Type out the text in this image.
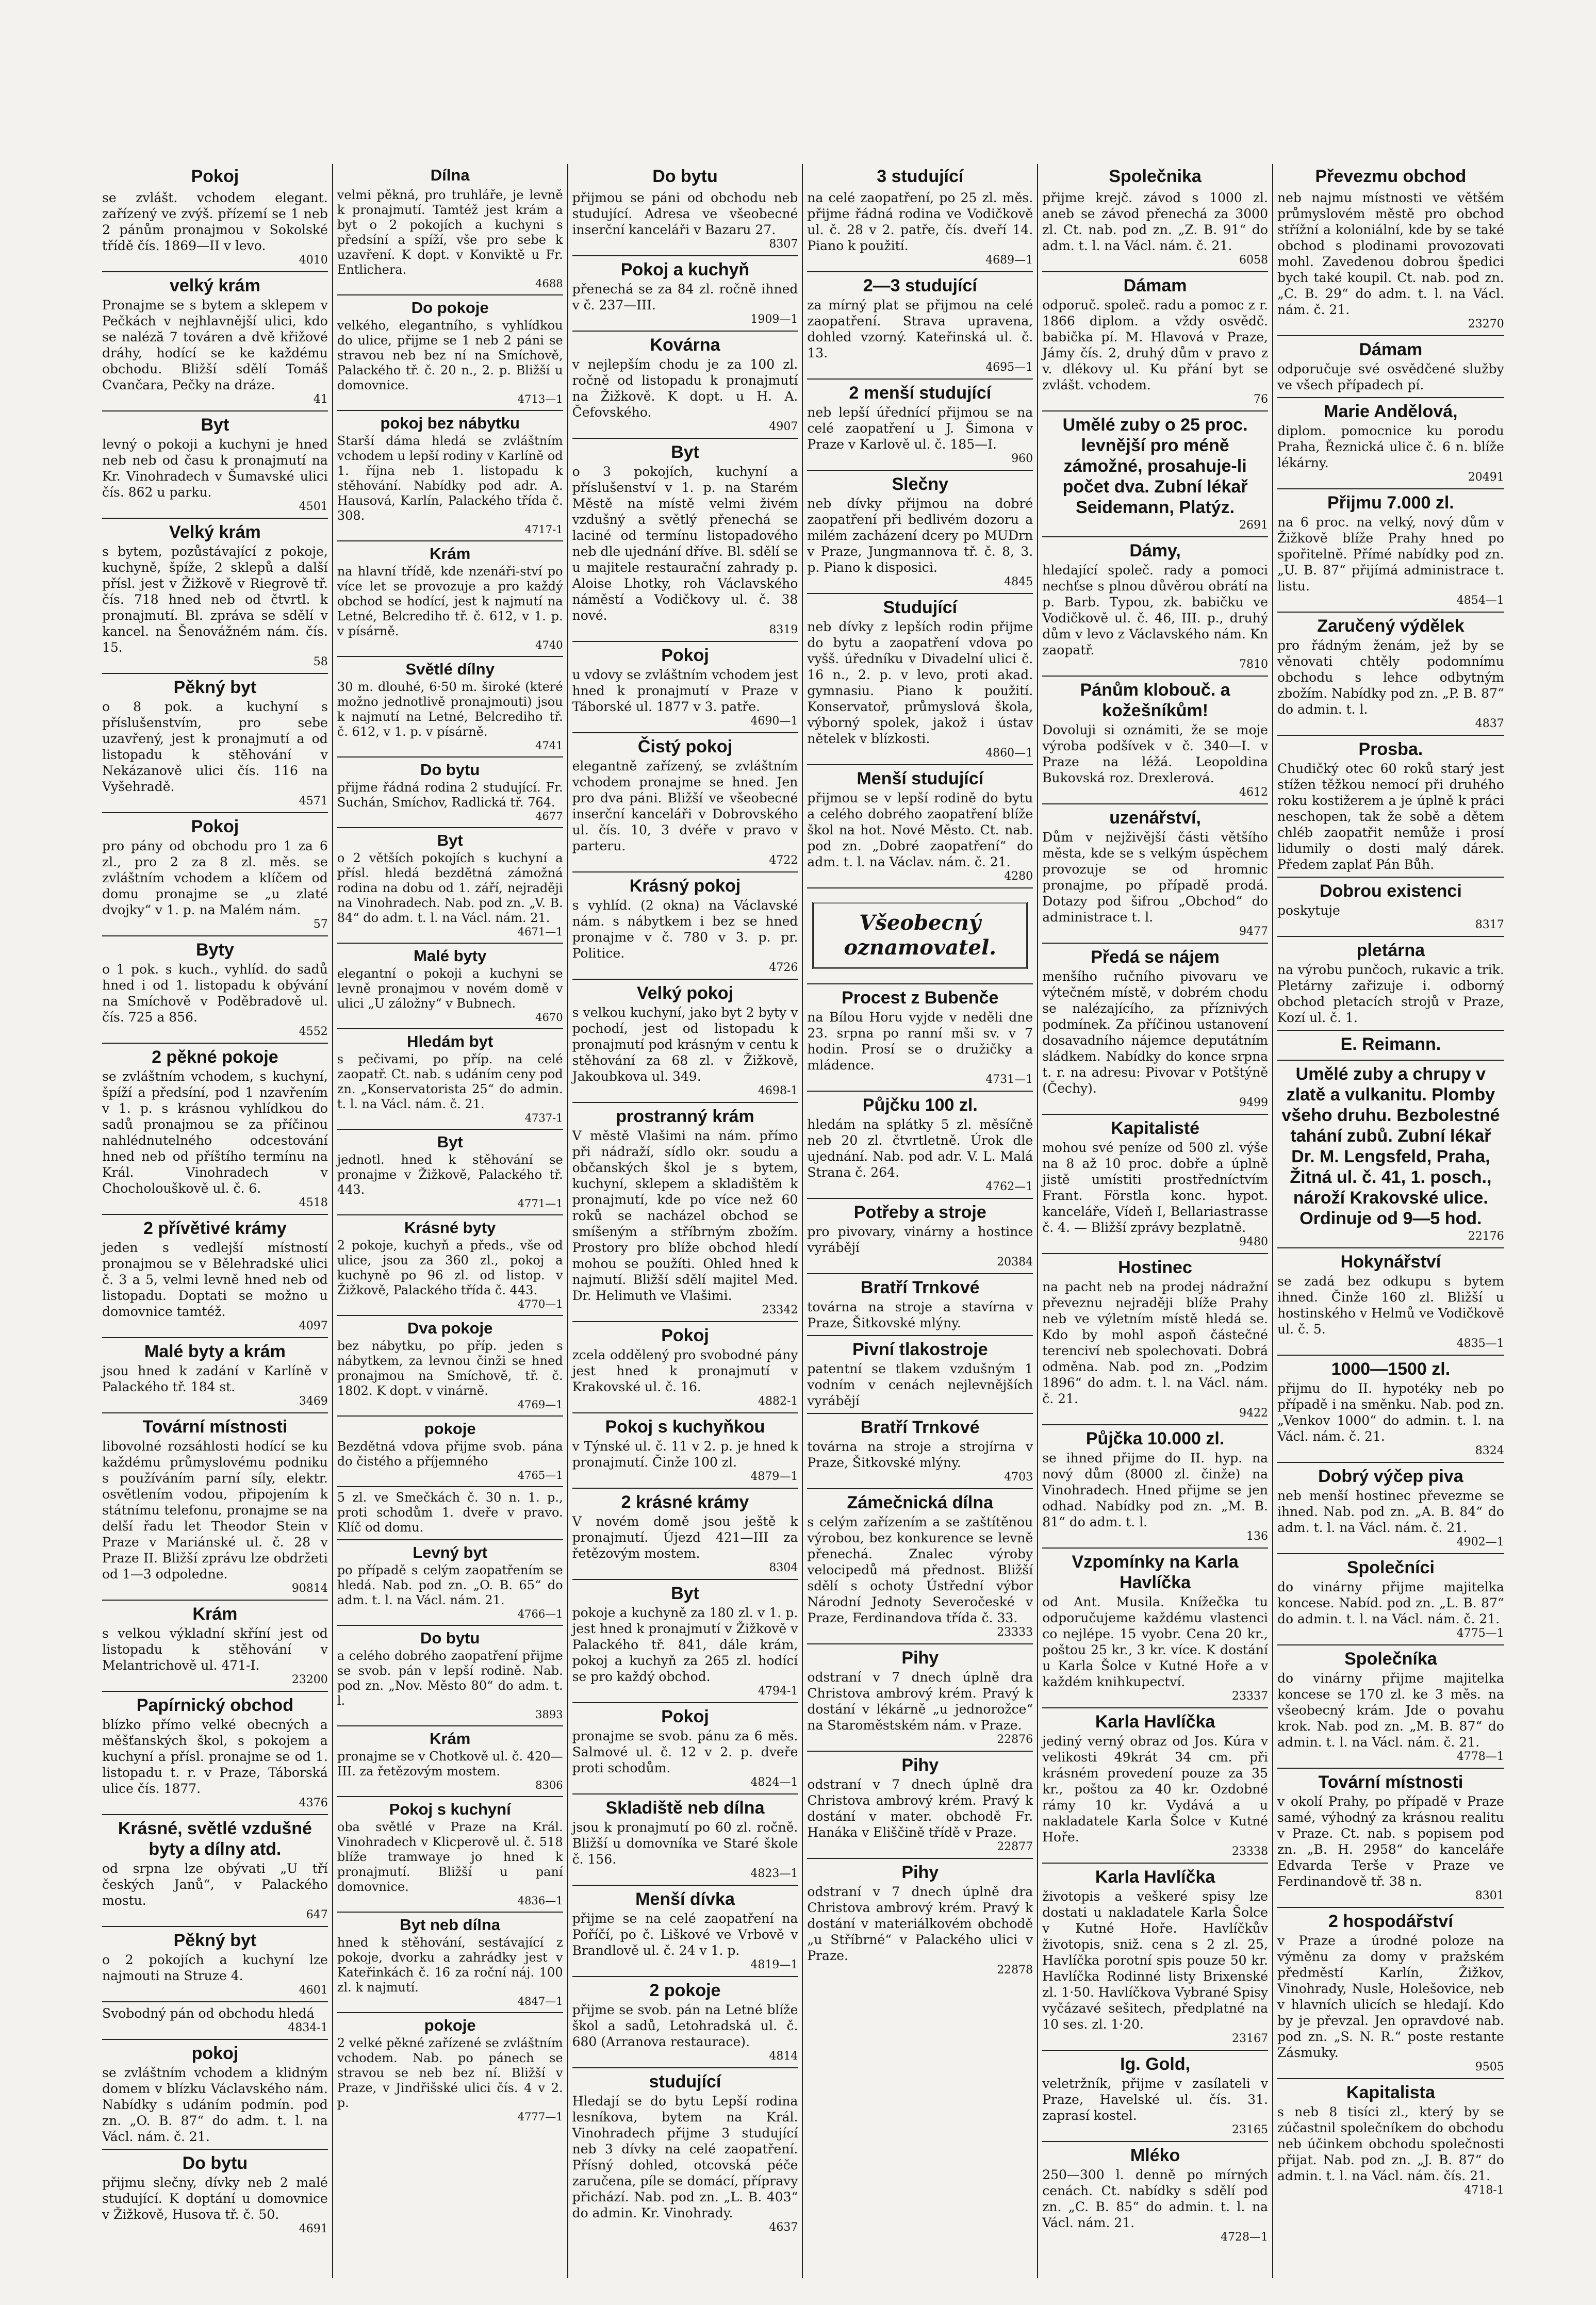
Pokoj
se zvlášt. vchodem elegant. zařízený ve zvýš. přízemí se 1 neb 2 pánům pronajmou v Sokolské třídě čís. 1869—II v levo.
4010
velký krám
Pronajme se s bytem a sklepem v Pečkách v nejhlavnější ulici, kdo se naléză 7 továren a dvě křižové dráhy, hodící se ke každému obchodu. Bližší sdělí Tomáš Cvančara, Pečky na dráze.
41
Byt
levný o pokoji a kuchyni je hned neb neb od času k pronajmutí na Kr. Vinohradech v Šumavské ulici čís. 862 u parku.
4501
Velký krám
s bytem, pozůstávající z pokoje, kuchyně, špíže, 2 sklepů a další přísl. jest v Žižkově v Riegrově tř. čís. 718 hned neb od čtvrtl. k pronajmutí. Bl. zpráva se sdělí v kancel. na Šenovážném nám. čís. 15.
58
Pěkný byt
o 8 pok. a kuchyní s příslušenstvím, pro sebe uzavřený, jest k pronajmutí a od listopadu k stěhování v Nekázanově ulici čís. 116 na Vyšehradě.
4571
Pokoj
pro pány od obchodu pro 1 za 6 zl., pro 2 za 8 zl. měs. se zvláštním vchodem a klíčem od domu pronajme se „u zlaté dvojky“ v 1. p. na Malém nám.
57
Byty
o 1 pok. s kuch., vyhlíd. do sadů hned i od 1. listopadu k obývání na Smíchově v Poděbradově ul. čís. 725 a 856.
4552
2 pěkné pokoje
se zvláštním vchodem, s kuchyní, špíží a předsíní, pod 1 nzavřením v 1. p. s krásnou vyhlídkou do sadů pronajmou se za příčinou nahlédnutelného odcestování hned neb od příštího termínu na Král. Vinohradech v Chocholouškově ul. č. 6.
4518
2 přívětivé krámy
jeden s vedlejší místností pronajmou se v Bělehradské ulici č. 3 a 5, velmi levně hned neb od listopadu. Doptati se možno u domovnice tamtéž.
4097
Malé byty a krám
jsou hned k zadání v Karlíně v Palackého tř. 184 st.
3469
Tovární místnosti
libovolné rozsáhlosti hodící se ku každému průmyslovému podniku s používáním parní síly, elektr. osvětlením vodou, připojením k státnímu telefonu, pronajme se na delší řadu let Theodor Stein v Praze v Mariánské ul. č. 28 v Praze II. Bližší zprávu lze obdržeti od 1—3 odpoledne.
90814
Krám
s velkou výkladní skříní jest od listopadu k stěhování v Melantrichově ul. 471-I.
23200
Papírnický obchod
blízko přímo velké obecných a měšťanských škol, s pokojem a kuchyní a přísl. pronajme se od 1. listopadu t. r. v Praze, Táborská ulice čís. 1877.
4376
Krásné, světlé vzdušné byty a dílny atd.
od srpna lze obývati „U tří českých Janů“, v Palackého mostu.
647
Pěkný byt
o 2 pokojích a kuchyní lze najmouti na Struze 4.
4601
Svobodný pán od obchodu hledá
4834-1
pokoj
se zvláštním vchodem a klidným domem v blízku Václavského nám. Nabídky s udáním podmín. pod zn. „O. B. 87“ do adm. t. l. na Václ. nám. č. 21.
Do bytu
přijmu slečny, dívky neb 2 malé studující. K doptání u domovnice v Žižkově, Husova tř. č. 50.
4691
Dílna
velmi pěkná, pro truhláře, je levně k pronajmutí. Tamtéž jest krám a byt o 2 pokojích a kuchyni s předsíní a spíží, vše pro sebe k uzavření. K dopt. v Konviktě u Fr. Entlichera.
4688
Do pokoje
velkého, elegantního, s vyhlídkou do ulice, přijme se 1 neb 2 páni se stravou neb bez ní na Smíchově, Palackého tř. č. 20 n., 2. p. Bližší u domovnice.
4713—1
pokoj bez nábytku
Starší dáma hledá se zvláštním vchodem u lepší rodiny v Karlíně od 1. října neb 1. listopadu k stěhování. Nabídky pod adr. A. Hausová, Karlín, Palackého třída č. 308.
4717-1
Krám
na hlavní třídě, kde nzenáři-ství po více let se provozuje a pro každý obchod se hodící, jest k najmutí na Letné, Belcrediho tř. č. 612, v 1. p. v písárně.
4740
Světlé dílny
30 m. dlouhé, 6·50 m. široké (které možno jednotlivě pronajmouti) jsou k najmutí na Letné, Belcrediho tř. č. 612, v 1. p. v písárně.
4741
Do bytu
přijme řádná rodina 2 studující. Fr. Suchán, Smíchov, Radlická tř. 764.
4677
Byt
o 2 větších pokojích s kuchyní a přísl. hledá bezdětná zámožná rodina na dobu od 1. září, nejraději na Vinohradech. Nab. pod zn. „V. B. 84“ do adm. t. l. na Václ. nám. 21.
4671—1
Malé byty
elegantní o pokoji a kuchyni se levně pronajmou v novém domě v ulici „U záložny“ v Bubnech.
4670
Hledám byt
s pečivami, po příp. na celé zaopatř. Ct. nab. s udáním ceny pod zn. „Konservatorista 25“ do admin. t. l. na Václ. nám. č. 21.
4737-1
Byt
jednotl. hned k stěhování se pronajme v Žižkově, Palackého tř. 443.
4771—1
Krásné byty
2 pokoje, kuchyň a předs., vše od ulice, jsou za 360 zl., pokoj a kuchyně po 96 zl. od listop. v Žižkově, Palackého třída č. 443.
4770—1
Dva pokoje
bez nábytku, po příp. jeden s nábytkem, za levnou činži se hned pronajmou na Smíchově, tř. č. 1802. K dopt. v vinárně.
4769—1
pokoje
Bezdětná vdova přijme svob. pána do čistého a příjemného
4765—1
5 zl. ve Smečkách č. 30 n. 1. p., proti schodům 1. dveře v pravo. Klíč od domu.
Levný byt
po případě s celým zaopatřením se hledá. Nab. pod zn. „O. B. 65“ do adm. t. l. na Václ. nám. 21.
4766—1
Do bytu
a celého dobrého zaopatření přijme se svob. pán v lepší rodině. Nab. pod zn. „Nov. Město 80“ do adm. t. l.
3893
Krám
pronajme se v Chotkově ul. č. 420—III. za řetězovým mostem.
8306
Pokoj s kuchyní
oba světlé v Praze na Král. Vinohradech v Klicperově ul. č. 518 blíže tramwaye jo hned k pronajmutí. Bližší u paní domovnice.
4836—1
Byt neb dílna
hned k stěhování, sestávající z pokoje, dvorku a zahrádky jest v Kateřinkách č. 16 za roční náj. 100 zl. k najmutí.
4847—1
pokoje
2 velké pěkné zařízené se zvláštním vchodem. Nab. po pánech se stravou se neb bez ní. Bližší v Praze, v Jindřišské ulici čís. 4 v 2. p.
4777—1
Do bytu
přijmou se páni od obchodu neb studující. Adresa ve všeobecné inserční kanceláři v Bazaru 27.
8307
Pokoj a kuchyň
přenechá se za 84 zl. ročně ihned v č. 237—III.
1909—1
Kovárna
v nejlepším chodu je za 100 zl. ročně od listopadu k pronajmutí na Žižkově. K dopt. u H. A. Čefovského.
4907
Byt
o 3 pokojích, kuchyní a příslušenství v 1. p. na Starém Městě na místě velmi živém vzdušný a světlý přenechá se laciné od termínu listopadového neb dle ujednání dříve. Bl. sdělí se u majitele restaurační zahrady p. Aloise Lhotky, roh Václavského náměstí a Vodičkovy ul. č. 38 nové.
8319
Pokoj
u vdovy se zvláštním vchodem jest hned k pronajmutí v Praze v Táborské ul. 1877 v 3. patře.
4690—1
Čistý pokoj
elegantně zařízený, se zvláštním vchodem pronajme se hned. Jen pro dva páni. Bližší ve všeobecné inserční kanceláři v Dobrovského ul. čís. 10, 3 dvéře v pravo v parteru.
4722
Krásný pokoj
s vyhlíd. (2 okna) na Václavské nám. s nábytkem i bez se hned pronajme v č. 780 v 3. p. pr. Politice.
4726
Velký pokoj
s velkou kuchyní, jako byt 2 byty v pochodí, jest od listopadu k pronajmutí pod krásným v centu k stěhování za 68 zl. v Žižkově, Jakoubkova ul. 349.
4698-1
prostranný krám
V městě Vlašimi na nám. přímo při nádraží, sídlo okr. soudu a občanských škol je s bytem, kuchyní, sklepem a skladištěm k pronajmutí, kde po více než 60 roků se nacházel obchod se smíšeným a stříbrným zbožím. Prostory pro blíže obchod hledí mohou se použíti. Ohled hned k najmutí. Bližší sdělí majitel Med. Dr. Helimuth ve Vlašimi.
23342
Pokoj
zcela oddělený pro svobodné pány jest hned k pronajmutí v Krakovské ul. č. 16.
4882-1
Pokoj s kuchyňkou
v Týnské ul. č. 11 v 2. p. je hned k pronajmutí. Činže 100 zl.
4879—1
2 krásné krámy
V novém domě jsou ještě k pronajmutí. Újezd 421—III za řetězovým mostem.
8304
Byt
pokoje a kuchyně za 180 zl. v 1. p. jest hned k pronajmutí v Žižkově v Palackého tř. 841, dále krám, pokoj a kuchyň za 265 zl. hodící se pro každý obchod.
4794-1
Pokoj
pronajme se svob. pánu za 6 měs. Salmové ul. č. 12 v 2. p. dveře proti schodům.
4824—1
Skladiště neb dílna
jsou k pronajmutí po 60 zl. ročně. Bližší u domovníka ve Staré škole č. 156.
4823—1
Menší dívka
přijme se na celé zaopatření na Poříčí, po č. Liškové ve Vrbově v Brandlově ul. č. 24 v 1. p.
4819—1
2 pokoje
přijme se svob. pán na Letné blíže škol a sadů, Letohradská ul. č. 680 (Arranova restaurace).
4814
studující
Hledají se do bytu Lepší rodina lesníkova, bytem na Král. Vinohradech přijme 3 studující neb 3 dívky na celé zaopatření. Přísný dohled, otcovská péče zaručena, píle se domácí, přípravy přichází. Nab. pod zn. „L. B. 403“ do admin. Kr. Vinohrady.
4637
3 studující
na celé zaopatření, po 25 zl. měs. přijme řádná rodina ve Vodičkově ul. č. 28 v 2. patře, čís. dveří 14. Piano k použití.
4689—1
2—3 studující
za mírný plat se přijmou na celé zaopatření. Strava upravena, dohled vzorný. Kateřinská ul. č. 13.
4695—1
2 menší studující
neb lepší úřednící přijmou se na celé zaopatření u J. Šimona v Praze v Karlově ul. č. 185—I.
960
Slečny
neb dívky přijmou na dobré zaopatření při bedlivém dozoru a milém zacházení dcery po MUDrn v Praze, Jungmannova tř. č. 8, 3. p. Piano k disposici.
4845
Studující
neb dívky z lepších rodin přijme do bytu a zaopatření vdova po vyšš. úředníku v Divadelní ulici č. 16 n., 2. p. v levo, proti akad. gymnasiu. Piano k použití. Konservatoř, průmyslová škola, výborný spolek, jakož i ústav nětelek v blízkosti.
4860—1
Menší studující
přijmou se v lepší rodině do bytu a celého dobrého zaopatření blíže škol na hot. Nové Město. Ct. nab. pod zn. „Dobré zaopatření“ do adm. t. l. na Václav. nám. č. 21.
4280
Všeobecný oznamovatel.
Procest z Bubenče
na Bílou Horu vyjde v neděli dne 23. srpna po ranní mši sv. v 7 hodin. Prosí se o družičky a mládence.
4731—1
Půjčku 100 zl.
hledám na splátky 5 zl. měsíčně neb 20 zl. čtvrtletně. Úrok dle ujednání. Nab. pod adr. V. L. Malá Strana č. 264.
4762—1
Potřeby a stroje
pro pivovary, vinárny a hostince vyrábějí
20384
Bratří Trnkové
továrna na stroje a stavírna v Praze, Šitkovské mlýny.
Pivní tlakostroje
patentní se tlakem vzdušným 1 vodním v cenách nejlevnějších vyrábějí
Bratří Trnkové
továrna na stroje a strojírna v Praze, Šitkovské mlýny.
4703
Zámečnická dílna
s celým zařízením a se zaštítěnou výrobou, bez konkurence se levně přenechá. Znalec výroby velocipedů má přednost. Bližší sdělí s ochoty Ústřední výbor Národní Jednoty Severočeské v Praze, Ferdinandova třída č. 33.
23333
Pihy
odstraní v 7 dnech úplně dra Christova ambrový krém. Pravý k dostání v lékárně „u jednorožce“ na Staroměstském nám. v Praze.
22876
Pihy
odstraní v 7 dnech úplně dra Christova ambrový krém. Pravý k dostání v mater. obchodě Fr. Hanáka v Eliščině třídě v Praze.
22877
Pihy
odstraní v 7 dnech úplně dra Christova ambrový krém. Pravý k dostání v materiálkovém obchodě „u Stříbrné“ v Palackého ulici v Praze.
22878
Společnika
přijme krejč. závod s 1000 zl. aneb se závod přenechá za 3000 zl. Ct. nab. pod zn. „Z. B. 91“ do adm. t. l. na Václ. nám. č. 21.
6058
Dámam
odporuč. společ. radu a pomoc z r. 1866 diplom. a vždy osvědč. babička pí. M. Hlavová v Praze, Jámy čís. 2, druhý dům v pravo z v. dlékovy ul. Ku přání byt se zvlášt. vchodem.
76
Umělé zuby o 25 proc. levnější pro méně zámožné, prosahuje-li počet dva. Zubní lékař Seidemann, Platýz.
2691
Dámy,
hledající společ. rady a pomoci nechťse s plnou důvěrou obrátí na p. Barb. Typou, zk. babičku ve Vodičkově ul. č. 46, III. p., druhý dům v levo z Václavského nám. Kn zaopatř.
7810
Pánům klobouč. a kožešníkům!
Dovoluji si oznámiti, že se moje výroba podšívek v č. 340—I. v Praze na léžá. Leopoldina Bukovská roz. Drexlerová.
4612
uzenářství,
Dům v nejživější části většího města, kde se s velkým úspěchem provozuje se od hromnic pronajme, po případě prodá. Dotazy pod šifrou „Obchod“ do administrace t. l.
9477
Předá se nájem
menšího ručního pivovaru ve výtečném místě, v dobrém chodu se nalézajícího, za příznivých podmínek. Za příčinou ustanovení dosavadního nájemce deputátním sládkem. Nabídky do konce srpna t. r. na adresu: Pivovar v Potštýně (Čechy).
9499
Kapitalisté
mohou své peníze od 500 zl. výše na 8 až 10 proc. dobře a úplně jistě umístiti prostředníctvím Frant. Förstla konc. hypot. kanceláře, Vídeň I, Bellariastrasse č. 4. — Bližší zprávy bezplatně.
9480
Hostinec
na pacht neb na prodej nádražní převeznu nejraději blíže Prahy neb ve výletním místě hledá se. Kdo by mohl aspoň částečné terenciví neb spolechovati. Dobrá odměna. Nab. pod zn. „Podzim 1896“ do adm. t. l. na Václ. nám. č. 21.
9422
Půjčka 10.000 zl.
se ihned přijme do II. hyp. na nový dům (8000 zl. činže) na Vinohradech. Hned přijme se jen odhad. Nabídky pod zn. „M. B. 81“ do adm. t. l.
136
Vzpomínky na Karla Havlíčka
od Ant. Musila. Knížečka tu odporučujeme každému vlastenci co nejlépe. 15 vyobr. Cena 20 kr., poštou 25 kr., 3 kr. více. K dostání u Karla Šolce v Kutné Hoře a v každém knihkupectví.
23337
Karla Havlíčka
jediný verný obraz od Jos. Kúra v velikosti 49krát 34 cm. při krásném provedení pouze za 35 kr., poštou za 40 kr. Ozdobné rámy 10 kr. Vydává a u nakladatele Karla Šolce v Kutné Hoře.
23338
Karla Havlíčka
životopis a veškeré spisy lze dostati u nakladatele Karla Šolce v Kutné Hoře. Havlíčkův životopis, sniž. cena s 2 zl. 25, Havlíčka porotní spis pouze 50 kr. Havlíčka Rodinné listy Brixenské zl. 1·50. Havlíčkova Vybrané Spisy vyčázavé sešitech, předplatné na 10 ses. zl. 1·20.
23167
Ig. Gold,
veletržník, přijme v zasílateli v Praze, Havelské ul. čís. 31. zaprasí kostel.
23165
Mléko
250—300 l. denně po mírných cenách. Ct. nabídky s sdělí pod zn. „C. B. 85“ do admin. t. l. na Václ. nám. 21.
4728—1
Převezmu obchod
neb najmu místnosti ve většém průmyslovém městě pro obchod střížní a koloniální, kde by se také obchod s plodinami provozovati mohl. Zavedenou dobrou špedici bych také koupil. Ct. nab. pod zn. „C. B. 29“ do adm. t. l. na Václ. nám. č. 21.
23270
Dámam
odporučuje své osvědčené služby ve všech případech pí.
Marie Andělová,
diplom. pomocnice ku porodu Praha, Řeznická ulice č. 6 n. blíže lékárny.
20491
Přijmu 7.000 zl.
na 6 proc. na velký, nový dům v Žižkově blíže Prahy hned po spořitelně. Přímé nabídky pod zn. „U. B. 87“ přijímá administrace t. listu.
4854—1
Zaručený výdělek
pro řádným ženám, jež by se věnovati chtěly podomnímu obchodu s lehce odbytným zbožím. Nabídky pod zn. „P. B. 87“ do admin. t. l.
4837
Prosba.
Chudičký otec 60 roků starý jest stížen těžkou nemocí při druhého roku kostižerem a je úplně k práci neschopen, tak že sobě a dětem chléb zaopatřit nemůže i prosí lidumily o dosti malý dárek. Předem zaplať Pán Bůh.
Dobrou existenci
poskytuje
8317
pletárna
na výrobu punčoch, rukavic a trik. Pletárny zařizuje i. odborný obchod pletacích strojů v Praze, Kozí ul. č. 1.
E. Reimann.
Umělé zuby a chrupy v zlatě a vulkanitu. Plomby všeho druhu. Bezbolestné tahání zubů. Zubní lékař Dr. M. Lengsfeld, Praha, Žitná ul. č. 41, 1. posch., nároží Krakovské ulice. Ordinuje od 9—5 hod.
22176
Hokynářství
se zadá bez odkupu s bytem ihned. Činže 160 zl. Bližší u hostinského v Helmů ve Vodičkově ul. č. 5.
4835—1
1000—1500 zl.
přijmu do II. hypotéky neb po případě i na směnku. Nab. pod zn. „Venkov 1000“ do admin. t. l. na Václ. nám. č. 21.
8324
Dobrý výčep piva
neb menší hostinec převezme se ihned. Nab. pod zn. „A. B. 84“ do adm. t. l. na Václ. nám. č. 21.
4902—1
Společníci
do vinárny přijme majitelka koncese. Nabíd. pod zn. „L. B. 87“ do admin. t. l. na Václ. nám. č. 21.
4775—1
Společníka
do vinárny přijme majitelka koncese se 170 zl. ke 3 měs. na všeobecný krám. Jde o povahu krok. Nab. pod zn. „M. B. 87“ do admin. t. l. na Václ. nám. č. 21.
4778—1
Tovární místnosti
v okolí Prahy, po případě v Praze samé, výhodný za krásnou realitu v Praze. Ct. nab. s popisem pod zn. „B. H. 2958“ do kanceláře Edvarda Terše v Praze ve Ferdinandově tř. 38 n.
8301
2 hospodářství
v Praze a úrodné poloze na výměnu za domy v pražském předměstí Karlín, Žižkov, Vinohrady, Nusle, Holešovice, neb v hlavních ulicích se hledají. Kdo by je převzal. Jen opravdové nab. pod zn. „S. N. R.“ poste restante Zásmuky.
9505
Kapitalista
s neb 8 tisíci zl., který by se zúčastnil společníkem do obchodu neb účinkem obchodu společnosti přijat. Nab. pod zn. „J. B. 87“ do admin. t. l. na Václ. nám. čís. 21.
4718-1
